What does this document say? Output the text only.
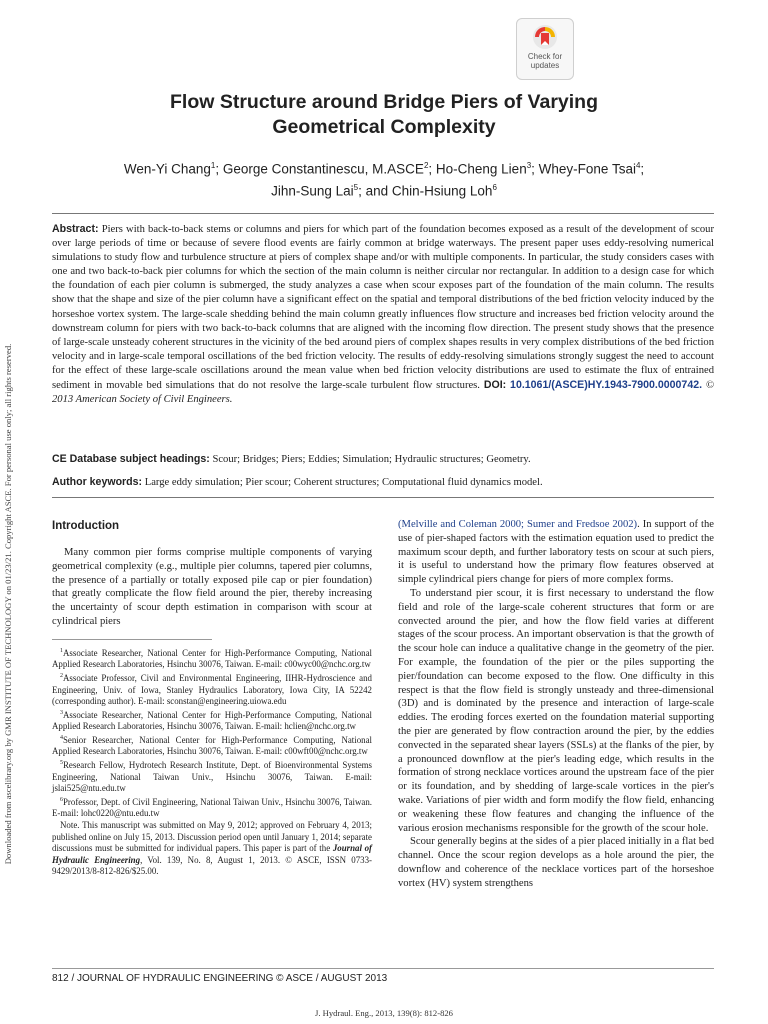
Downloaded from ascelibrary.org by GMR INSTITUTE OF TECHNOLOGY on 01/23/21. Copyright ASCE. For personal use only; all rights reserved.
Check for
updates
Flow Structure around Bridge Piers of Varying
Geometrical Complexity
Wen-Yi Chang$^1$; George Constantinescu, M.ASCE$^2$; Ho-Cheng Lien$^3$; Whey-Fone Tsai$^4$;
Jihn-Sung Lai$^5$; and Chin-Hsiung Loh$^6$
Abstract: Piers with back-to-back stems or columns and piers for which part of the foundation becomes exposed as a result of the development of scour over large periods of time or because of severe flood events are fairly common at bridge waterways. The present paper uses eddy-resolving numerical simulations to study flow and turbulence structure at piers of complex shape and/or with multiple components. In particular, the study considers cases with one and two back-to-back pier columns for which the section of the main column is neither circular nor rectangular. In addition to a design case for which the foundation of each pier column is submerged, the study analyzes a case when scour exposes part of the foundation of the main column. The results show that the shape and size of the pier column have a significant effect on the spatial and temporal distributions of the bed friction velocity induced by the horseshoe vortex system. The large-scale shedding behind the main column greatly influences flow structure and increases bed friction velocity around the downstream column for piers with two back-to-back columns that are aligned with the incoming flow direction. The present study shows that the presence of large-scale unsteady coherent structures in the vicinity of the bed around piers of complex shapes results in very complex distributions of the bed friction velocity and in large-scale temporal oscillations of the bed friction velocity. The results of eddy-resolving simulations strongly suggest the need to account for the effect of these large-scale oscillations around the mean value when bed friction velocity distributions are used to estimate the flux of entrained sediment in movable bed simulations that do not resolve the large-scale turbulent flow structures. DOI: 10.1061/(ASCE)HY.1943-7900.0000742. © 2013 American Society of Civil Engineers.
CE Database subject headings: Scour; Bridges; Piers; Eddies; Simulation; Hydraulic structures; Geometry.
Author keywords: Large eddy simulation; Pier scour; Coherent structures; Computational fluid dynamics model.
Introduction

Many common pier forms comprise multiple components of varying geometrical complexity (e.g., multiple pier columns, tapered pier columns, the presence of a partially or totally exposed pile cap or pier foundation) that greatly complicate the flow field around the pier, thereby increasing the uncertainty of scour depth estimation in comparison with scour at cylindrical piers

$^1$Associate Researcher, National Center for High-Performance Computing, National Applied Research Laboratories, Hsinchu 30076, Taiwan. E-mail: c00wyc00@nchc.org.tw

$^2$Associate Professor, Civil and Environmental Engineering, IIHR-Hydroscience and Engineering, Univ. of Iowa, Stanley Hydraulics Laboratory, Iowa City, IA 52242 (corresponding author). E-mail: sconstan@engineering.uiowa.edu

$^3$Associate Researcher, National Center for High-Performance Computing, National Applied Research Laboratories, Hsinchu 30076, Taiwan. E-mail: hclien@nchc.org.tw

$^4$Senior Researcher, National Center for High-Performance Computing, National Applied Research Laboratories, Hsinchu 30076, Taiwan. E-mail: c00wft00@nchc.org.tw

$^5$Research Fellow, Hydrotech Research Institute, Dept. of Bioenvironmental Systems Engineering, National Taiwan Univ., Hsinchu 30076, Taiwan. E-mail: jslai525@ntu.edu.tw

$^6$Professor, Dept. of Civil Engineering, National Taiwan Univ., Hsinchu 30076, Taiwan. E-mail: lohc0220@ntu.edu.tw

Note. This manuscript was submitted on May 9, 2012; approved on February 4, 2013; published online on July 15, 2013. Discussion period open until January 1, 2014; separate discussions must be submitted for individual papers. This paper is part of the Journal of Hydraulic Engineering, Vol. 139, No. 8, August 1, 2013. © ASCE, ISSN 0733-9429/2013/8-812-826/$25.00.

(Melville and Coleman 2000; Sumer and Fredsoe 2002). In support of the use of pier-shaped factors with the estimation equation used to predict the maximum scour depth, and further laboratory tests on scour at such piers, it is useful to understand how the primary flow features observed at simple cylindrical piers change for piers of more complex forms.

To understand pier scour, it is first necessary to understand the flow field and role of the large-scale coherent structures that form or are convected around the pier, and how the flow field varies at different stages of the scour process. An important observation is that the growth of the scour hole can induce a qualitative change in the geometry of the pier. For example, the foundation of the pier or the piles supporting the pier/foundation can become exposed to the flow. One difficulty in this respect is that the flow field is strongly unsteady and three-dimensional (3D) and is dominated by the presence and interaction of large-scale eddies. The eroding forces exerted on the foundation material supporting the pier are generated by flow contraction around the pier, by the eddies convected in the separated shear layers (SSLs) at the flanks of the pier, by a pronounced downflow at the pier's leading edge, which results in the formation of strong necklace vortices around the upstream face of the pier or its foundation, and by shedding of large-scale vortices in the pier's wake. Variations of pier width and form modify the flow field, enhancing or weakening these flow features and changing the influence of the various erosion mechanisms responsible for the growth of the scour hole.

Scour generally begins at the sides of a pier placed initially in a flat bed channel. Once the scour region develops as a hole around the pier, the downflow and coherence of the necklace vortices part of the horseshoe vortex (HV) system strengthens

812 / JOURNAL OF HYDRAULIC ENGINEERING © ASCE / AUGUST 2013
J. Hydraul. Eng., 2013, 139(8): 812-826
